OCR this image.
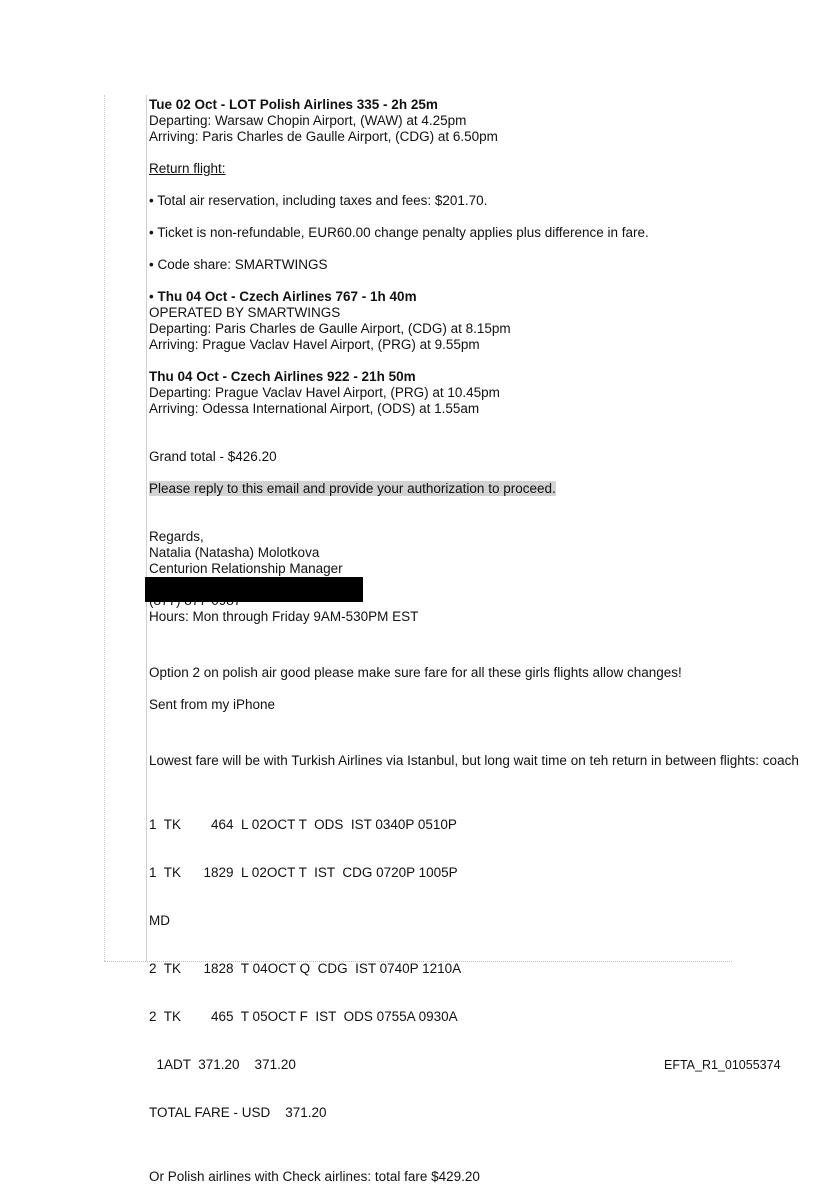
Tue 02 Oct - LOT Polish Airlines 335 - 2h 25m
Departing: Warsaw Chopin Airport, (WAW) at 4.25pm
Arriving: Paris Charles de Gaulle Airport, (CDG) at 6.50pm
Return flight:
• Total air reservation, including taxes and fees: $201.70.
• Ticket is non-refundable, EUR60.00 change penalty applies plus difference in fare.
• Code share: SMARTWINGS
• Thu 04 Oct - Czech Airlines 767 - 1h 40m
OPERATED BY SMARTWINGS
Departing: Paris Charles de Gaulle Airport, (CDG) at 8.15pm
Arriving: Prague Vaclav Havel Airport, (PRG) at 9.55pm
Thu 04 Oct - Czech Airlines 922 - 21h 50m
Departing: Prague Vaclav Havel Airport, (PRG) at 10.45pm
Arriving: Odessa International Airport, (ODS) at 1.55am
Grand total - $426.20
Please reply to this email and provide your authorization to proceed.
Regards,
Natalia (Natasha) Molotkova
Centurion Relationship Manager
Hours: Mon through Friday 9AM-530PM EST
Option 2 on polish air good please make sure fare for all these girls flights allow changes!
Sent from my iPhone
Lowest fare will be with Turkish Airlines via Istanbul, but long wait time on teh return in between flights: coach

1  TK        464  L 02OCT T  ODS  IST 0340P 0510P

1  TK      1829  L 02OCT T  IST  CDG 0720P 1005P

MD

2  TK      1828  T 04OCT Q  CDG  IST 0740P 1210A

2  TK        465  T 05OCT F  IST  ODS 0755A 0930A

1ADT  371.20    371.20

TOTAL FARE - USD    371.20

Or Polish airlines with Check airlines: total fare $429.20
EFTA_R1_01055374
